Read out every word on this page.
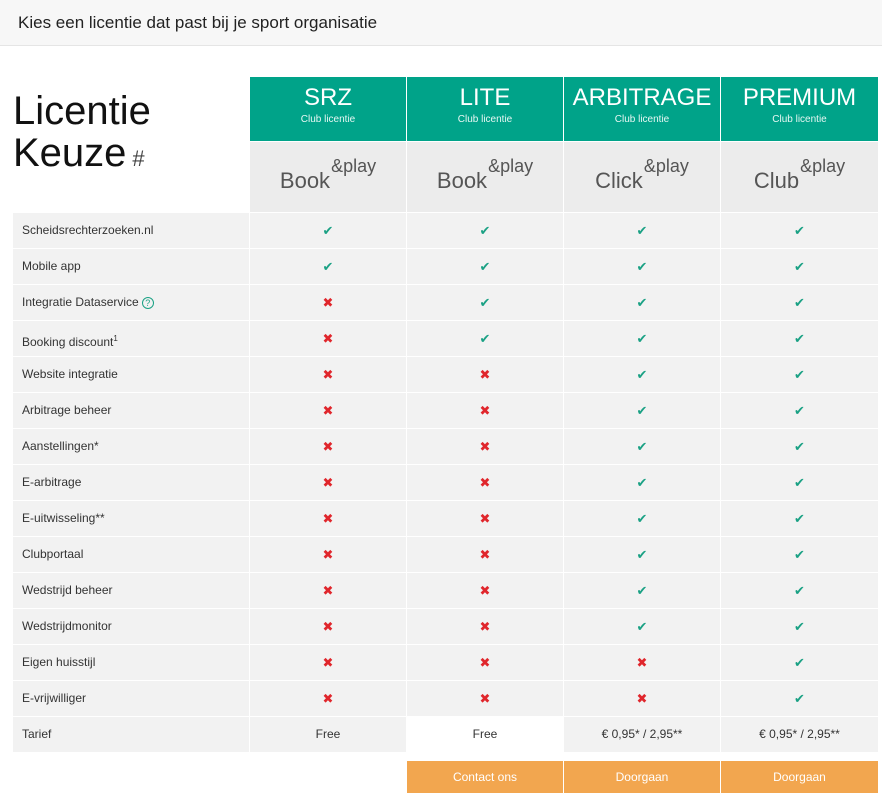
Kies een licentie dat past bij je sport organisatie
Licentie
Keuze #
SRZ
Club licentie
Book&play
LITE
Club licentie
Book&play
ARBITRAGE
Club licentie
Click&play
PREMIUM
Club licentie
Club&play
Scheidsrechterzoeken.nl	✔	✔	✔	✔
Mobile app	✔	✔	✔	✔
Integratie Dataservice ?	✖	✔	✔	✔
Booking discount$^1$	✖	✔	✔	✔
Website integratie	✖	✖	✔	✔
Arbitrage beheer	✖	✖	✔	✔
Aanstellingen*	✖	✖	✔	✔
E-arbitrage	✖	✖	✔	✔
E-uitwisseling**	✖	✖	✔	✔
Clubportaal	✖	✖	✔	✔
Wedstrijd beheer	✖	✖	✔	✔
Wedstrijdmonitor	✖	✖	✔	✔
Eigen huisstijl	✖	✖	✖	✔
E-vrijwilliger	✖	✖	✖	✔
Tarief	Free	Free	€ 0,95* / 2,95**	€ 0,95* / 2,95**
Contact ons	Doorgaan	Doorgaan
